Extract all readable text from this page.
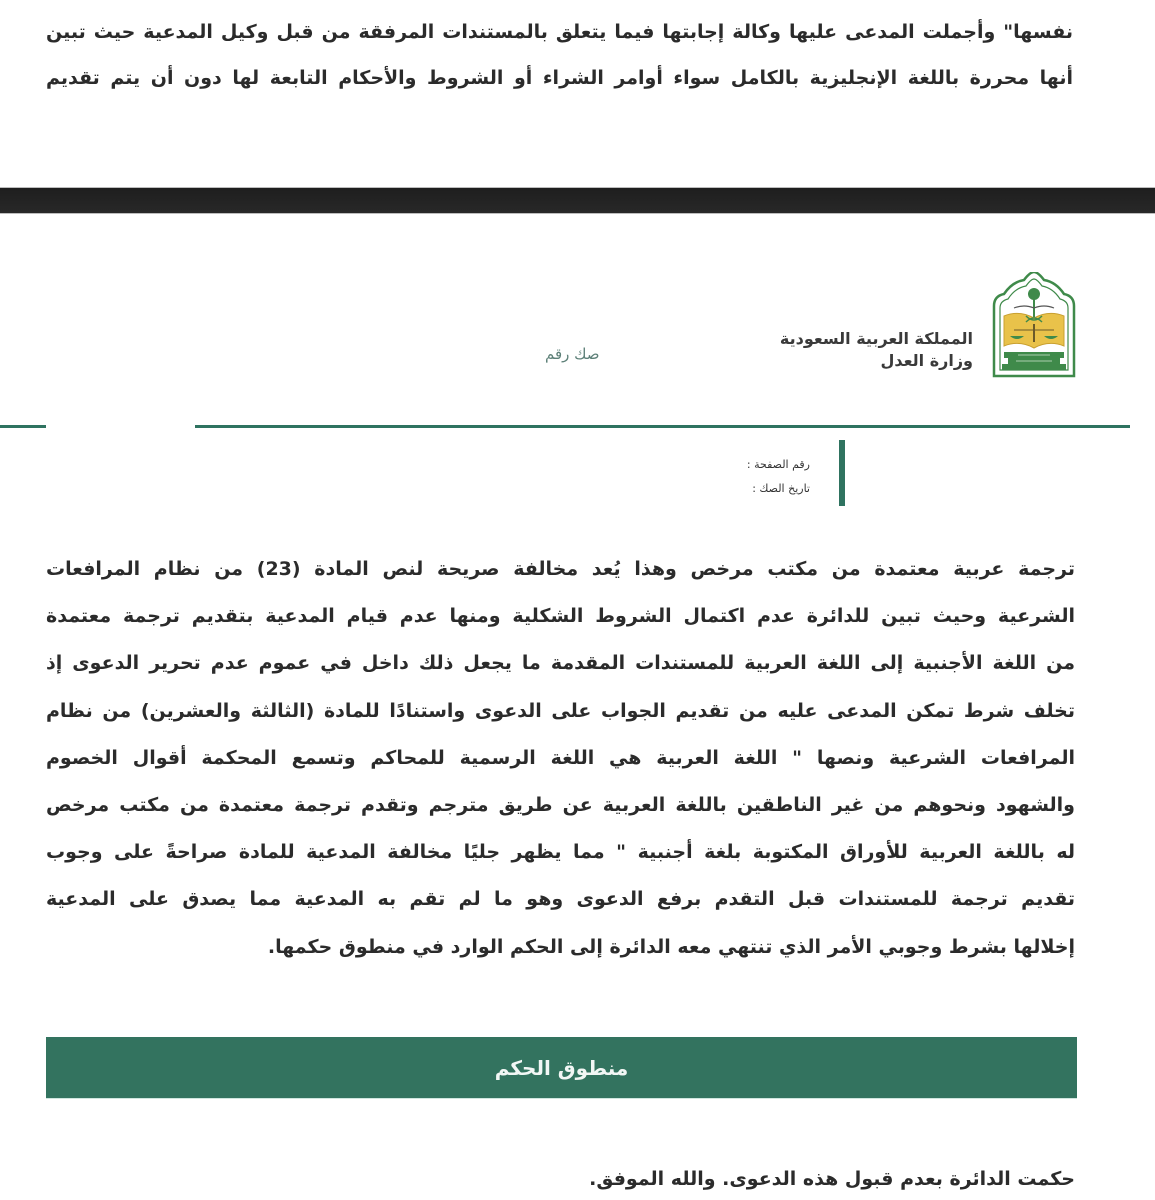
نفسها" وأجملت المدعى عليها وكالة إجابتها فيما يتعلق بالمستندات المرفقة من قبل وكيل المدعية حيث تبين
أنها محررة باللغة الإنجليزية بالكامل سواء أوامر الشراء أو الشروط والأحكام التابعة لها دون أن يتم تقديم
المملكة العربية السعودية
وزارة العدل
صك رقم
رقم الصفحة :
تاريخ الصك :
ترجمة عربية معتمدة من مكتب مرخص وهذا يُعد مخالفة صريحة لنص المادة (23) من نظام المرافعات
الشرعية وحيث تبين للدائرة عدم اكتمال الشروط الشكلية ومنها عدم قيام المدعية بتقديم ترجمة معتمدة
من اللغة الأجنبية إلى اللغة العربية للمستندات المقدمة ما يجعل ذلك داخل في عموم عدم تحرير الدعوى إذ
تخلف شرط تمكن المدعى عليه من تقديم الجواب على الدعوى واستنادًا للمادة (الثالثة والعشرين) من نظام
المرافعات الشرعية ونصها " اللغة العربية هي اللغة الرسمية للمحاكم وتسمع المحكمة أقوال الخصوم
والشهود ونحوهم من غير الناطقين باللغة العربية عن طريق مترجم وتقدم ترجمة معتمدة من مكتب مرخص
له باللغة العربية للأوراق المكتوبة بلغة أجنبية " مما يظهر جليًا مخالفة المدعية للمادة صراحةً على وجوب
تقديم ترجمة للمستندات قبل التقدم برفع الدعوى وهو ما لم تقم به المدعية مما يصدق على المدعية
إخلالها بشرط وجوبي الأمر الذي تنتهي معه الدائرة إلى الحكم الوارد في منطوق حكمها.
منطوق الحكم
حكمت الدائرة بعدم قبول هذه الدعوى. والله الموفق.
